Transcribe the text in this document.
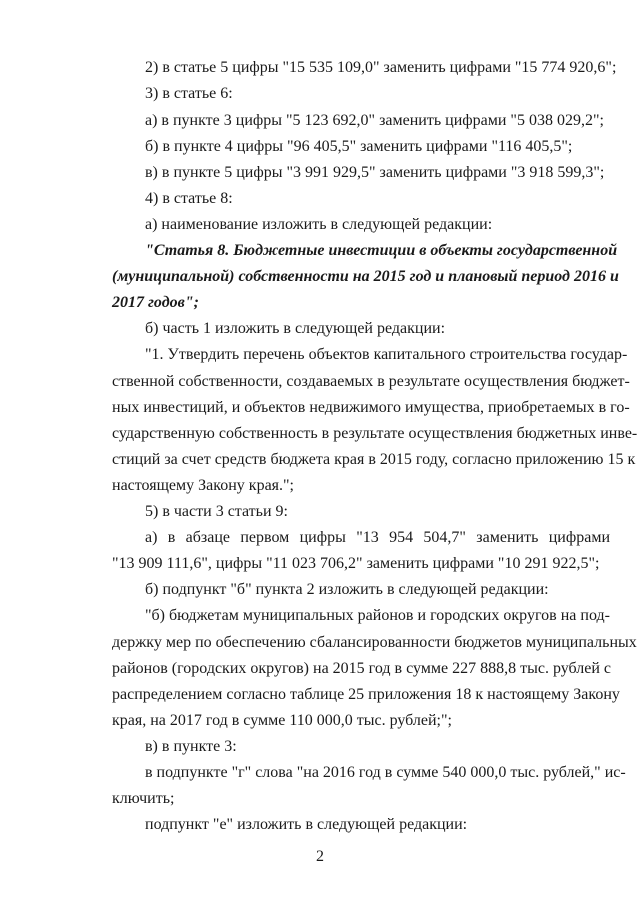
2) в статье 5 цифры "15 535 109,0" заменить цифрами "15 774 920,6";
3) в статье 6:
а) в пункте 3 цифры "5 123 692,0" заменить цифрами "5 038 029,2";
б) в пункте 4 цифры "96 405,5" заменить цифрами "116 405,5";
в) в пункте 5 цифры "3 991 929,5" заменить цифрами "3 918 599,3";
4) в статье 8:
а) наименование изложить в следующей редакции:
"Статья 8. Бюджетные инвестиции в объекты государственной
(муниципальной) собственности на 2015 год и плановый период 2016 и
2017 годов";
б) часть 1 изложить в следующей редакции:
"1. Утвердить перечень объектов капитального строительства государ-
ственной собственности, создаваемых в результате осуществления бюджет-
ных инвестиций, и объектов недвижимого имущества, приобретаемых в го-
сударственную собственность в результате осуществления бюджетных инве-
стиций за счет средств бюджета края в 2015 году, согласно приложению 15 к
настоящему Закону края.";
5) в части 3 статьи 9:
а) в абзаце первом цифры "13 954 504,7" заменить цифрами
"13 909 111,6", цифры "11 023 706,2" заменить цифрами "10 291 922,5";
б) подпункт "б" пункта 2 изложить в следующей редакции:
"б) бюджетам муниципальных районов и городских округов на под-
держку мер по обеспечению сбалансированности бюджетов муниципальных
районов (городских округов) на 2015 год в сумме 227 888,8 тыс. рублей с
распределением согласно таблице 25 приложения 18 к настоящему Закону
края, на 2017 год в сумме 110 000,0 тыс. рублей;";
в) в пункте 3:
в подпункте "г" слова "на 2016 год в сумме 540 000,0 тыс. рублей," ис-
ключить;
подпункт "е" изложить в следующей редакции:
2
